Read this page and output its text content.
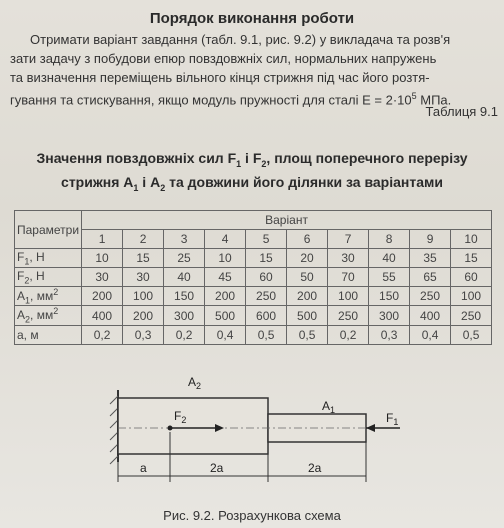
Порядок виконання роботи
Отримати варіант завдання (табл. 9.1, рис. 9.2) у викладача та розв'я
зати задачу з побудови епюр повздовжніх сил, нормальних напружень
та визначення переміщень вільного кінця стрижня під час його розтя-
гування та стискування, якщо модуль пружності для сталі $E = 2\cdot 10^5$ МПа.
Таблиця 9.1
Значення повздовжніх сил $F_1$ і $F_2$, площ поперечного перерізу
стрижня $A_1$ і $A_2$ та довжини його ділянки за варіантами
Параметри	Варіант									
	1	2	3	4	5	6	7	8	9	10
$F_1$, Н	10	15	25	10	15	20	30	40	35	15
$F_2$, Н	30	30	40	45	60	50	70	55	65	60
$A_1$, $мм^2$	200	100	150	200	250	200	100	150	250	100
$A_2$, $мм^2$	400	200	300	500	600	500	250	300	400	250
a, м	0,2	0,3	0,2	0,4	0,5	0,5	0,2	0,3	0,4	0,5
$A_2$
$A_1$
$F_2$	$F_1$
a	2a	2a
Рис. 9.2. Розрахункова схема
